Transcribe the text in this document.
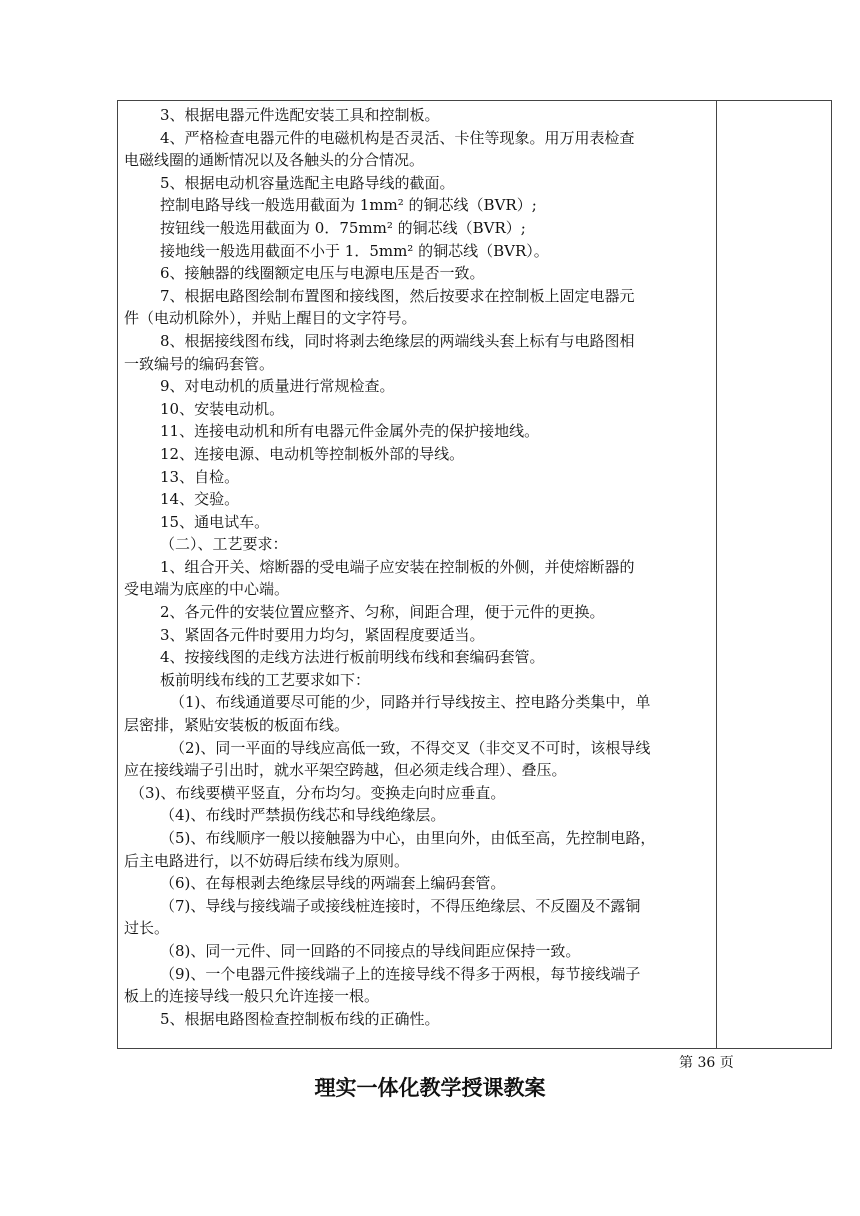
3、根据电器元件选配安装工具和控制板。
4、严格检查电器元件的电磁机构是否灵活、卡住等现象。用万用表检查
电磁线圈的通断情况以及各触头的分合情况。
5、根据电动机容量选配主电路导线的截面。
控制电路导线一般选用截面为 1mm² 的铜芯线（BVR）;
按钮线一般选用截面为 0．75mm² 的铜芯线（BVR）;
接地线一般选用截面不小于 1．5mm² 的铜芯线（BVR）。
6、接触器的线圈额定电压与电源电压是否一致。
7、根据电路图绘制布置图和接线图，然后按要求在控制板上固定电器元
件（电动机除外），并贴上醒目的文字符号。
8、根据接线图布线，同时将剥去绝缘层的两端线头套上标有与电路图相
一致编号的编码套管。
9、对电动机的质量进行常规检查。
10、安装电动机。
11、连接电动机和所有电器元件金属外壳的保护接地线。
12、连接电源、电动机等控制板外部的导线。
13、自检。
14、交验。
15、通电试车。
（二）、工艺要求：
1、组合开关、熔断器的受电端子应安装在控制板的外侧，并使熔断器的
受电端为底座的中心端。
2、各元件的安装位置应整齐、匀称，间距合理，便于元件的更换。
3、紧固各元件时要用力均匀，紧固程度要适当。
4、按接线图的走线方法进行板前明线布线和套编码套管。
板前明线布线的工艺要求如下：
（1)、布线通道要尽可能的少，同路并行导线按主、控电路分类集中，单
层密排，紧贴安装板的板面布线。
（2)、同一平面的导线应高低一致，不得交叉（非交叉不可时，该根导线
应在接线端子引出时，就水平架空跨越，但必须走线合理）、叠压。
（3)、布线要横平竖直，分布均匀。变换走向时应垂直。
（4)、布线时严禁损伤线芯和导线绝缘层。
（5)、布线顺序一般以接触器为中心，由里向外，由低至高，先控制电路，
后主电路进行，以不妨碍后续布线为原则。
（6)、在每根剥去绝缘层导线的两端套上编码套管。
（7)、导线与接线端子或接线桩连接时，不得压绝缘层、不反圈及不露铜
过长。
（8)、同一元件、同一回路的不同接点的导线间距应保持一致。
（9)、一个电器元件接线端子上的连接导线不得多于两根，每节接线端子
板上的连接导线一般只允许连接一根。
5、根据电路图检查控制板布线的正确性。
第 36 页
理实一体化教学授课教案
